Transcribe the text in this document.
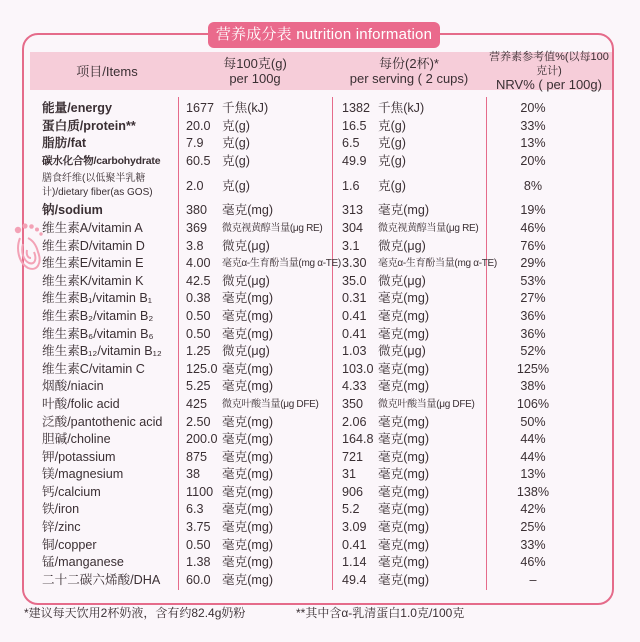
营养成分表 nutrition information
项目/Items	每100克(g)
per 100g
每份(2杯)*
per serving ( 2 cups)
营养素参考值%(以每100克计)
NRV% ( per 100g)
能量/energy	1677 千焦(kJ)	1382 千焦(kJ)	20%
蛋白质/protein**	20.0 克(g)	16.5 克(g)	33%
脂肪/fat	7.9 克(g)	6.5 克(g)	13%
碳水化合物/carbohydrate 60.5 克(g)	49.9 克(g)	20%
膳食纤维(以低聚半乳糖计)/dietary fiber(as GOS)	2.0 克(g)	1.6 克(g)	8%
钠/sodium	380 毫克(mg)	313 毫克(mg)	19%
维生素A/vitamin A	369 微克视黄醇当量(μg RE) 304 微克视黄醇当量(μg RE)	46%
维生素D/vitamin D	3.8 微克(μg)	3.1 微克(μg)	76%
维生素E/vitamin E	4.00 毫克α-生育酚当量(mg α-TE) 3.30 毫克α-生育酚当量(mg α-TE)	29%
维生素K/vitamin K	42.5 微克(μg)	35.0 微克(μg)	53%
维生素B₁/vitamin B₁	0.38 毫克(mg)	0.31 毫克(mg)	27%
维生素B₂/vitamin B₂	0.50 毫克(mg)	0.41 毫克(mg)	36%
维生素B₆/vitamin B₆	0.50 毫克(mg)	0.41 毫克(mg)	36%
维生素B₁₂/vitamin B₁₂ 1.25 微克(μg)	1.03 微克(μg)	52%
维生素C/vitamin C	125.0 毫克(mg)	103.0 毫克(mg)	125%
烟酸/niacin	5.25 毫克(mg)	4.33 毫克(mg)	38%
叶酸/folic acid	425 微克叶酸当量(μg DFE) 350 微克叶酸当量(μg DFE)	106%
泛酸/pantothenic acid 2.50 毫克(mg)	2.06 毫克(mg)	50%
胆碱/choline	200.0 毫克(mg)	164.8 毫克(mg)	44%
钾/potassium	875 毫克(mg)	721 毫克(mg)	44%
镁/magnesium	38 毫克(mg)	31 毫克(mg)	13%
钙/calcium	1100 毫克(mg)	906 毫克(mg)	138%
铁/iron	6.3 毫克(mg)	5.2 毫克(mg)	42%
锌/zinc	3.75 毫克(mg)	3.09 毫克(mg)	25%
铜/copper	0.50 毫克(mg)	0.41 毫克(mg)	33%
锰/manganese	1.38 毫克(mg)	1.14 毫克(mg)	46%
二十二碳六烯酸/DHA 60.0 毫克(mg)	49.4 毫克(mg)	–
*建议每天饮用2杯奶液，含有约82.4g奶粉	**其中含α-乳清蛋白1.0克/100克
